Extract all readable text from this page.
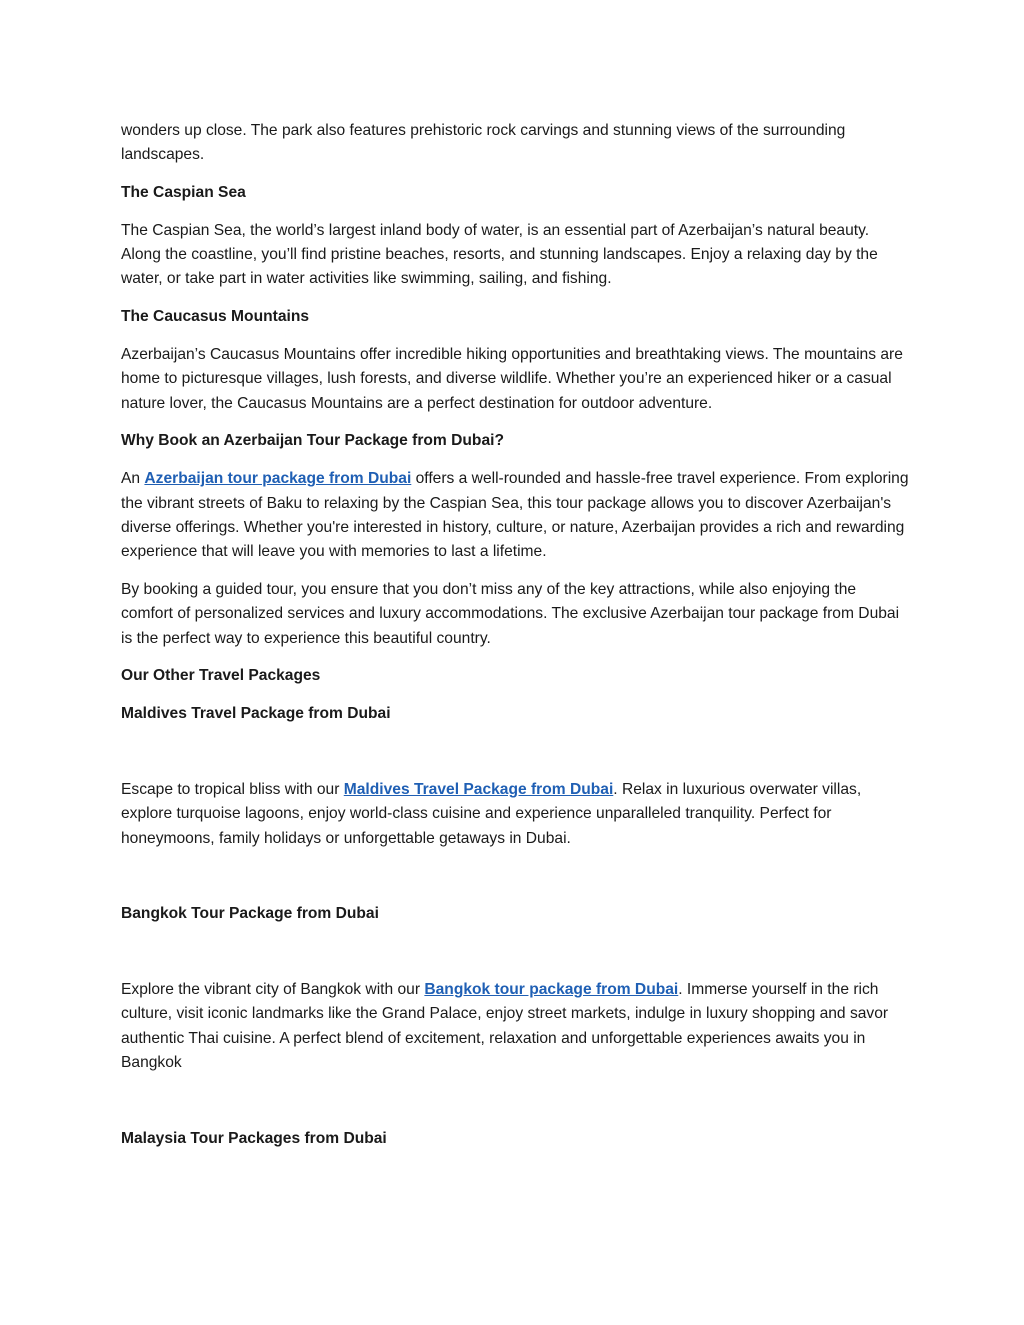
wonders up close. The park also features prehistoric rock carvings and stunning views of the surrounding landscapes.

The Caspian Sea

The Caspian Sea, the world’s largest inland body of water, is an essential part of Azerbaijan’s natural beauty. Along the coastline, you’ll find pristine beaches, resorts, and stunning landscapes. Enjoy a relaxing day by the water, or take part in water activities like swimming, sailing, and fishing.

The Caucasus Mountains

Azerbaijan’s Caucasus Mountains offer incredible hiking opportunities and breathtaking views. The mountains are home to picturesque villages, lush forests, and diverse wildlife. Whether you’re an experienced hiker or a casual nature lover, the Caucasus Mountains are a perfect destination for outdoor adventure.

Why Book an Azerbaijan Tour Package from Dubai?

An Azerbaijan tour package from Dubai offers a well-rounded and hassle-free travel experience. From exploring the vibrant streets of Baku to relaxing by the Caspian Sea, this tour package allows you to discover Azerbaijan's diverse offerings. Whether you're interested in history, culture, or nature, Azerbaijan provides a rich and rewarding experience that will leave you with memories to last a lifetime.

By booking a guided tour, you ensure that you don’t miss any of the key attractions, while also enjoying the comfort of personalized services and luxury accommodations. The exclusive Azerbaijan tour package from Dubai is the perfect way to experience this beautiful country.

Our Other Travel Packages

Maldives Travel Package from Dubai

Escape to tropical bliss with our Maldives Travel Package from Dubai. Relax in luxurious overwater villas, explore turquoise lagoons, enjoy world-class cuisine and experience unparalleled tranquility. Perfect for honeymoons, family holidays or unforgettable getaways in Dubai.

Bangkok Tour Package from Dubai

Explore the vibrant city of Bangkok with our Bangkok tour package from Dubai. Immerse yourself in the rich culture, visit iconic landmarks like the Grand Palace, enjoy street markets, indulge in luxury shopping and savor authentic Thai cuisine. A perfect blend of excitement, relaxation and unforgettable experiences awaits you in Bangkok

Malaysia Tour Packages from Dubai
